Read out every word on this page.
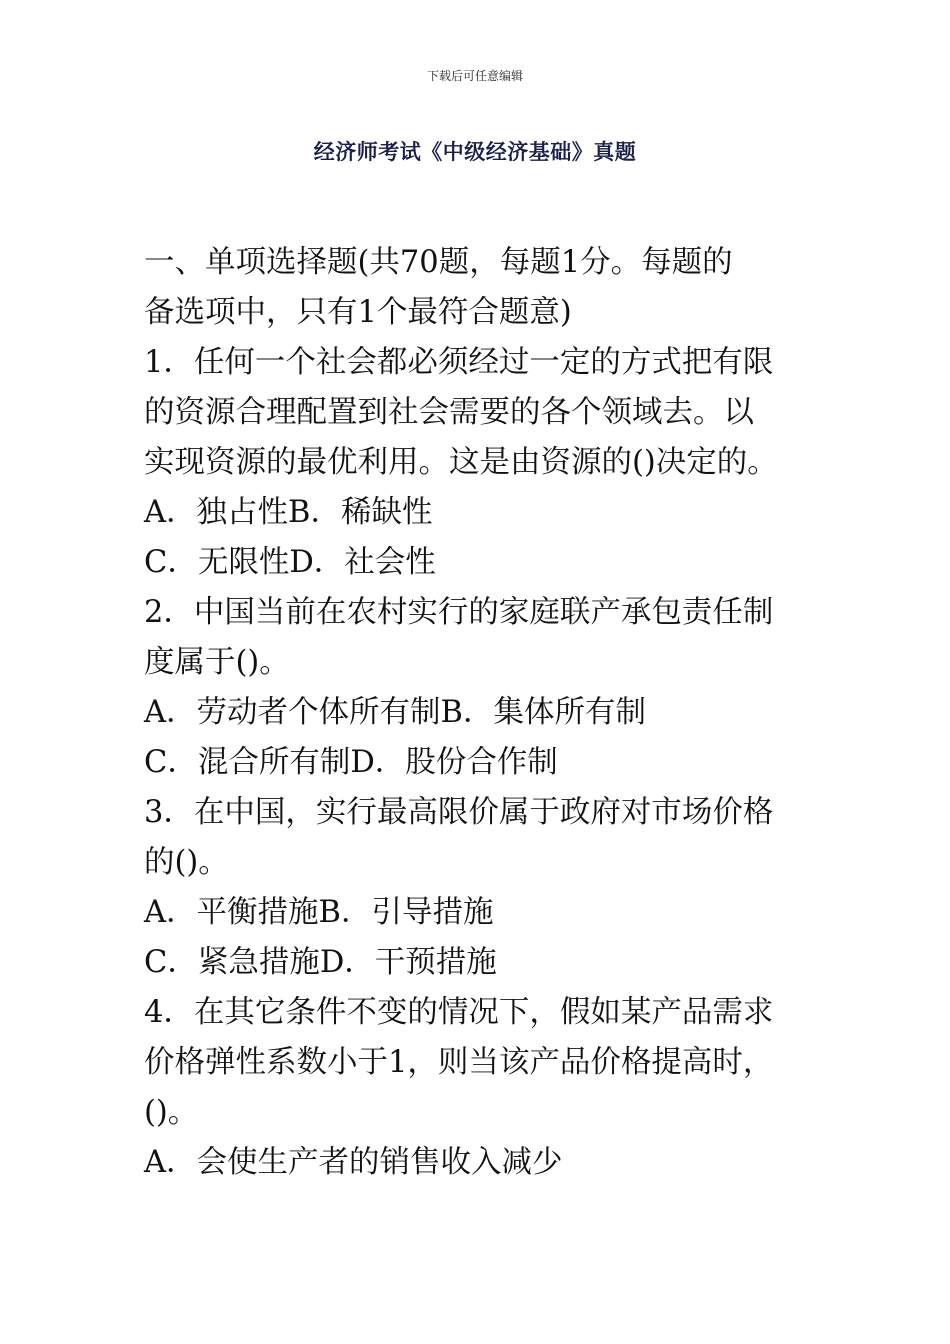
下载后可任意编辑
经济师考试《中级经济基础》真题
一、单项选择题(共70题，每题1分。每题的
备选项中，只有1个最符合题意)
1．任何一个社会都必须经过一定的方式把有限
的资源合理配置到社会需要的各个领域去。以
实现资源的最优利用。这是由资源的()决定的。
A．独占性B．稀缺性
C．无限性D．社会性
2．中国当前在农村实行的家庭联产承包责任制
度属于()。
A．劳动者个体所有制B．集体所有制
C．混合所有制D．股份合作制
3．在中国，实行最高限价属于政府对市场价格
的()。
A．平衡措施B．引导措施
C．紧急措施D．干预措施
4．在其它条件不变的情况下，假如某产品需求
价格弹性系数小于1，则当该产品价格提高时，
()。
A．会使生产者的销售收入减少
